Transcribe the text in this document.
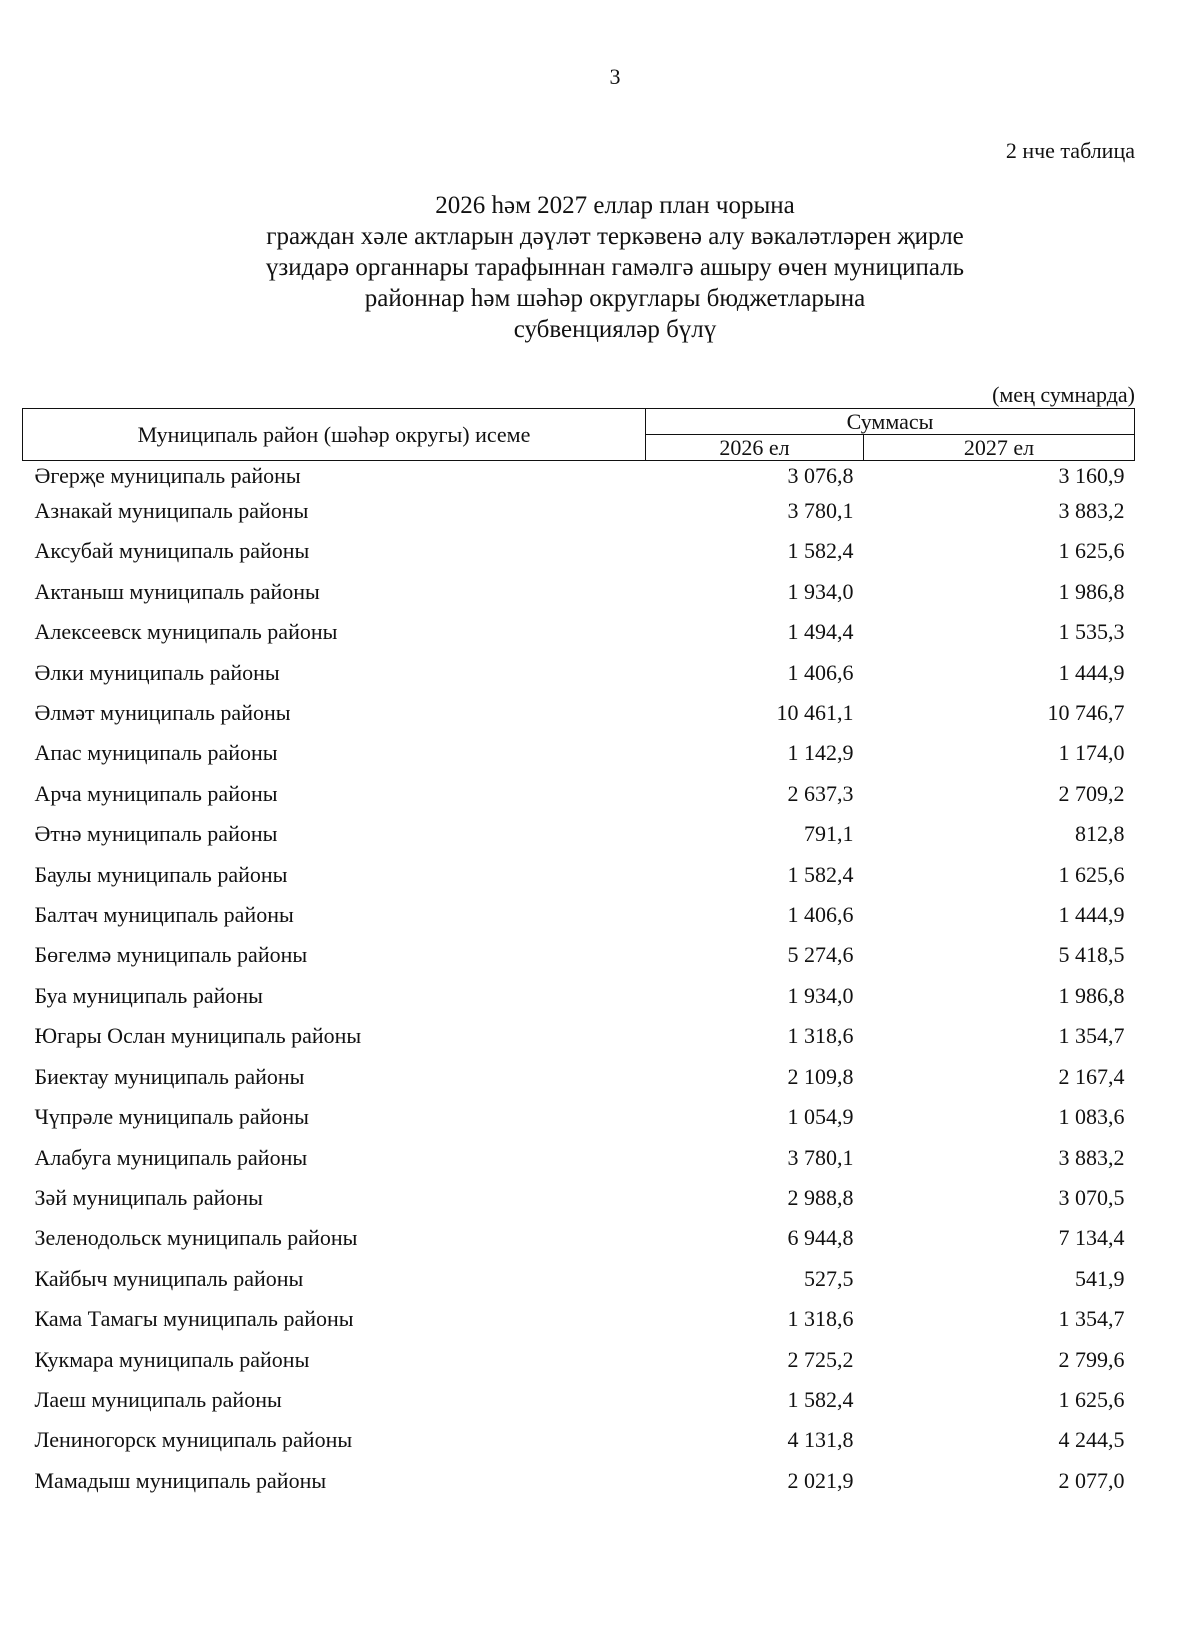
3
2 нче таблица
2026 һәм 2027 еллар план чорына
граждан хәле актларын дәүләт теркәвенә алу вәкаләтләрен җирле
үзидарә органнары тарафыннан гамәлгә ашыру өчен муниципаль
районнар һәм шәһәр округлары бюджетларына
субвенцияләр бүлү
(мең сумнарда)
Муниципаль район (шәһәр округы) исеме	Суммасы	
	2026 ел	2027 ел
Әгерҗе муниципаль районы	3 076,8	3 160,9
Азнакай муниципаль районы	3 780,1	3 883,2
Аксубай муниципаль районы	1 582,4	1 625,6
Актаныш муниципаль районы	1 934,0	1 986,8
Алексеевск муниципаль районы	1 494,4	1 535,3
Әлки муниципаль районы	1 406,6	1 444,9
Әлмәт муниципаль районы	10 461,1	10 746,7
Апас муниципаль районы	1 142,9	1 174,0
Арча муниципаль районы	2 637,3	2 709,2
Әтнә муниципаль районы	791,1	812,8
Баулы муниципаль районы	1 582,4	1 625,6
Балтач муниципаль районы	1 406,6	1 444,9
Бөгелмә муниципаль районы	5 274,6	5 418,5
Буа муниципаль районы	1 934,0	1 986,8
Югары Ослан муниципаль районы	1 318,6	1 354,7
Биектау муниципаль районы	2 109,8	2 167,4
Чүпрәле муниципаль районы	1 054,9	1 083,6
Алабуга муниципаль районы	3 780,1	3 883,2
Зәй муниципаль районы	2 988,8	3 070,5
Зеленодольск муниципаль районы	6 944,8	7 134,4
Кайбыч муниципаль районы	527,5	541,9
Кама Тамагы муниципаль районы	1 318,6	1 354,7
Кукмара муниципаль районы	2 725,2	2 799,6
Лаеш муниципаль районы	1 582,4	1 625,6
Лениногорск муниципаль районы	4 131,8	4 244,5
Мамадыш муниципаль районы	2 021,9	2 077,0
